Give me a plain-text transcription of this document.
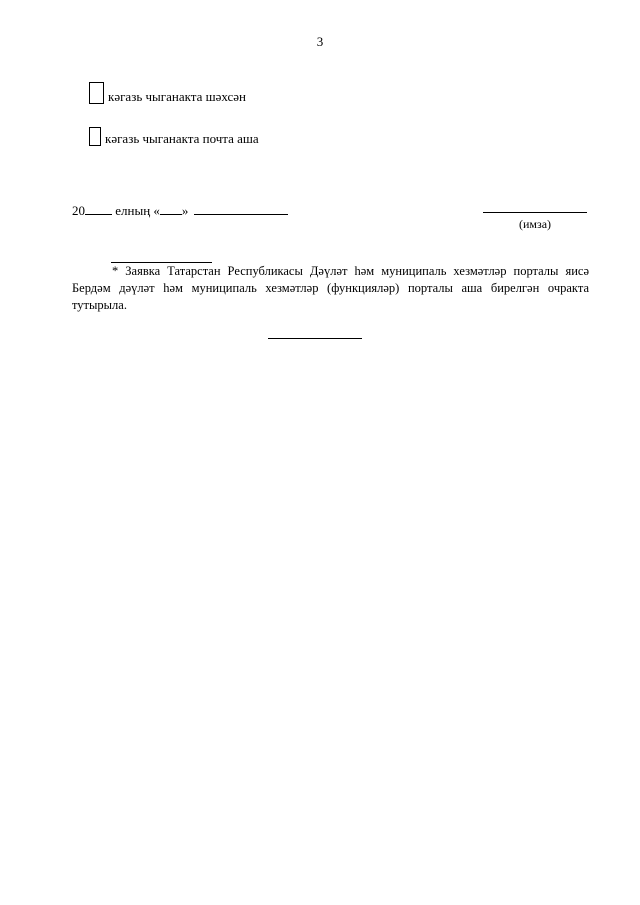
3
кәгазь чыганакта шәхсән
кәгазь чыганакта почта аша
20 елның « »
(имза)
* Заявка Татарстан Республикасы Дәүләт һәм муниципаль хезмәтләр порталы яисә Бердәм дәүләт һәм муниципаль хезмәтләр (функцияләр) порталы аша бирелгән очракта тутырыла.
